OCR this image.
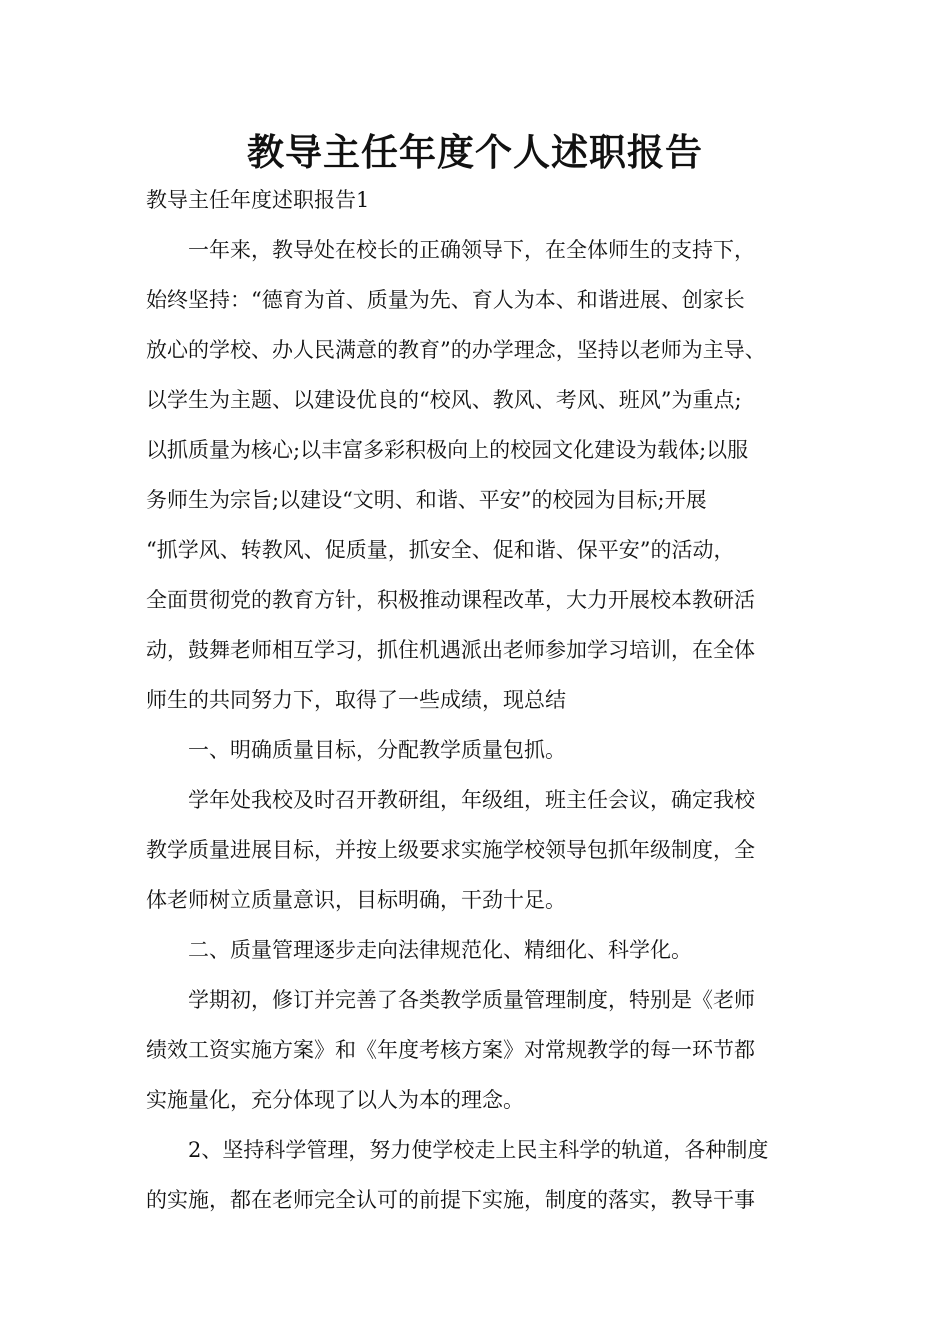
教导主任年度个人述职报告
教导主任年度述职报告1
　　一年来，教导处在校长的正确领导下，在全体师生的支持下，
始终坚持：“德育为首、质量为先、育人为本、和谐进展、创家长
放心的学校、办人民满意的教育”的办学理念，坚持以老师为主导、
以学生为主题、以建设优良的“校风、教风、考风、班风”为重点;
以抓质量为核心;以丰富多彩积极向上的校园文化建设为载体;以服
务师生为宗旨;以建设“文明、和谐、平安”的校园为目标;开展
“抓学风、转教风、促质量，抓安全、促和谐、保平安”的活动，
全面贯彻党的教育方针，积极推动课程改革，大力开展校本教研活
动，鼓舞老师相互学习，抓住机遇派出老师参加学习培训，在全体
师生的共同努力下，取得了一些成绩，现总结
　　一、明确质量目标，分配教学质量包抓。
　　学年处我校及时召开教研组，年级组，班主任会议，确定我校
教学质量进展目标，并按上级要求实施学校领导包抓年级制度，全
体老师树立质量意识，目标明确，干劲十足。
　　二、质量管理逐步走向法律规范化、精细化、科学化。
　　学期初，修订并完善了各类教学质量管理制度，特别是《老师
绩效工资实施方案》和《年度考核方案》对常规教学的每一环节都
实施量化，充分体现了以人为本的理念。
　　2、坚持科学管理，努力使学校走上民主科学的轨道，各种制度
的实施，都在老师完全认可的前提下实施，制度的落实，教导干事
